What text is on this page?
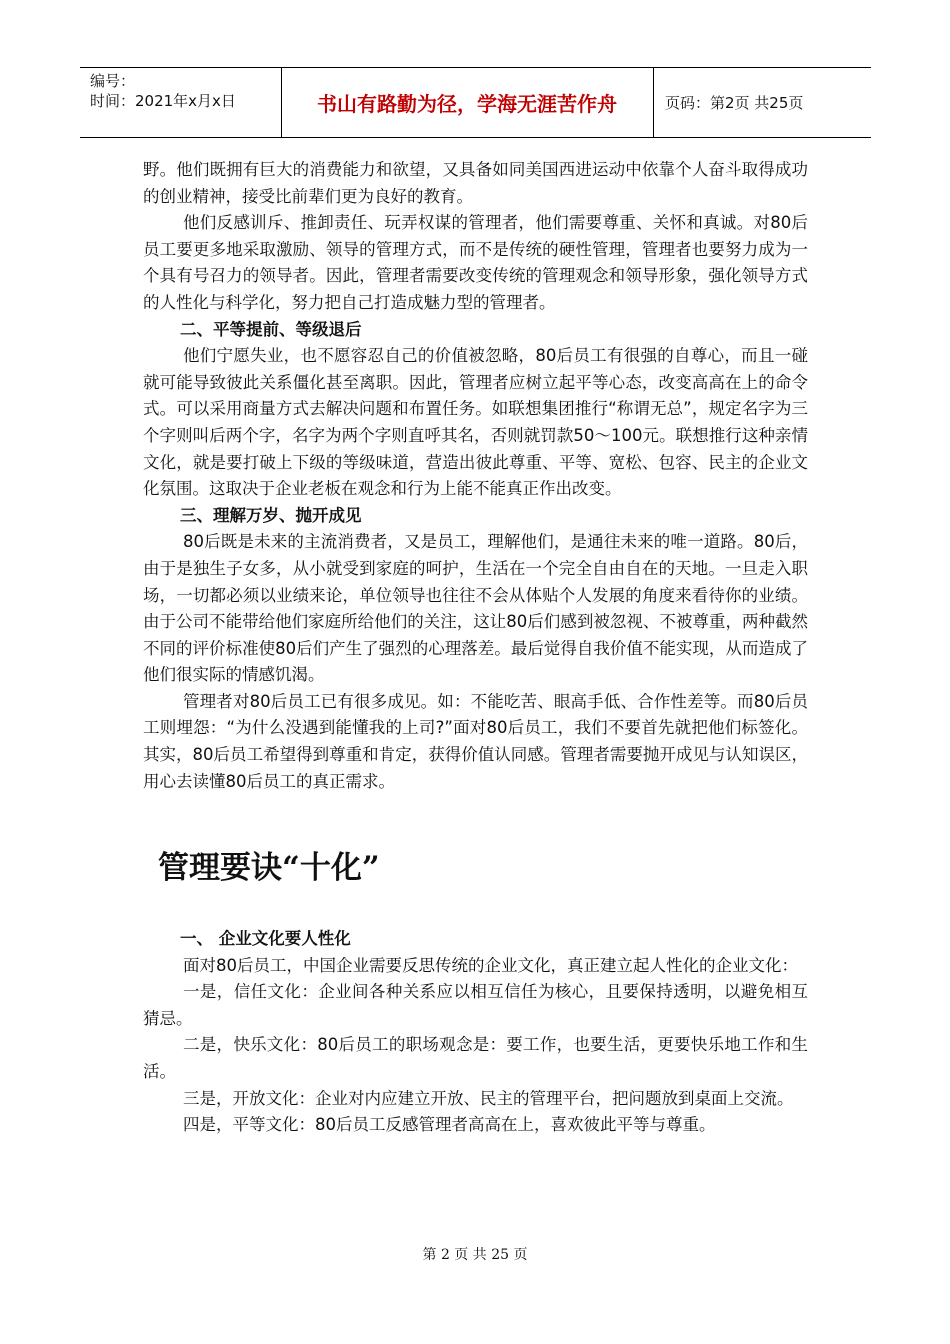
编号：
时间：2021年x月x日	书山有路勤为径，学海无涯苦作舟	页码：第2页 共25页

野。他们既拥有巨大的消费能力和欲望，又具备如同美国西进运动中依靠个人奋斗取得成功的创业精神，接受比前辈们更为良好的教育。

他们反感训斥、推卸责任、玩弄权谋的管理者，他们需要尊重、关怀和真诚。对80后员工要更多地采取激励、领导的管理方式，而不是传统的硬性管理，管理者也要努力成为一个具有号召力的领导者。因此，管理者需要改变传统的管理观念和领导形象，强化领导方式的人性化与科学化，努力把自己打造成魅力型的管理者。

二、平等提前、等级退后

他们宁愿失业，也不愿容忍自己的价值被忽略，80后员工有很强的自尊心，而且一碰就可能导致彼此关系僵化甚至离职。因此，管理者应树立起平等心态，改变高高在上的命令式。可以采用商量方式去解决问题和布置任务。如联想集团推行“称谓无总”，规定名字为三个字则叫后两个字，名字为两个字则直呼其名，否则就罚款50～100元。联想推行这种亲情文化，就是要打破上下级的等级味道，营造出彼此尊重、平等、宽松、包容、民主的企业文化氛围。这取决于企业老板在观念和行为上能不能真正作出改变。

三、理解万岁、抛开成见

80后既是未来的主流消费者，又是员工，理解他们，是通往未来的唯一道路。80后，由于是独生子女多，从小就受到家庭的呵护，生活在一个完全自由自在的天地。一旦走入职场，一切都必须以业绩来论，单位领导也往往不会从体贴个人发展的角度来看待你的业绩。由于公司不能带给他们家庭所给他们的关注，这让80后们感到被忽视、不被尊重，两种截然不同的评价标准使80后们产生了强烈的心理落差。最后觉得自我价值不能实现，从而造成了他们很实际的情感饥渴。

管理者对80后员工已有很多成见。如：不能吃苦、眼高手低、合作性差等。而80后员工则埋怨：“为什么没遇到能懂我的上司?”面对80后员工，我们不要首先就把他们标签化。其实，80后员工希望得到尊重和肯定，获得价值认同感。管理者需要抛开成见与认知误区，用心去读懂80后员工的真正需求。

管理要诀“十化”

一、 企业文化要人性化

面对80后员工，中国企业需要反思传统的企业文化，真正建立起人性化的企业文化：

一是，信任文化：企业间各种关系应以相互信任为核心，且要保持透明，以避免相互猜忌。

二是，快乐文化：80后员工的职场观念是：要工作，也要生活，更要快乐地工作和生活。

三是，开放文化：企业对内应建立开放、民主的管理平台，把问题放到桌面上交流。

四是，平等文化：80后员工反感管理者高高在上，喜欢彼此平等与尊重。

第 2 页 共 25 页
